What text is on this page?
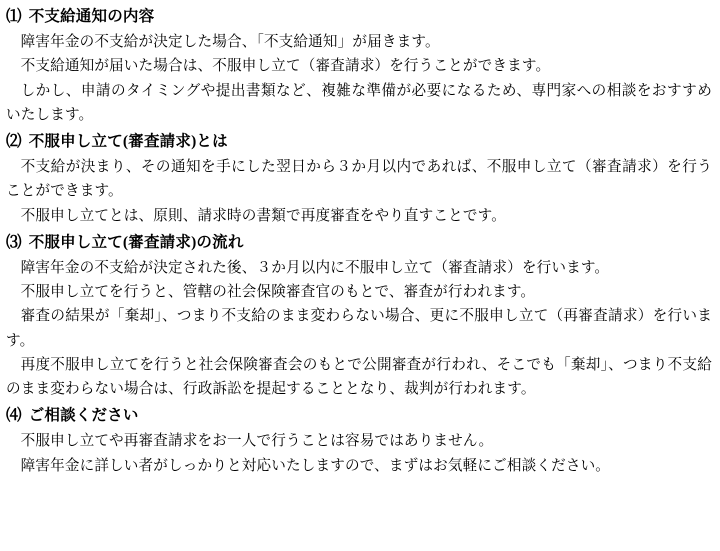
⑴ 不支給通知の内容

障害年金の不支給が決定した場合、「不支給通知」が届きます。

不支給通知が届いた場合は、不服申し立て（審査請求）を行うことができます。

しかし、申請のタイミングや提出書類など、複雑な準備が必要になるため、専門家への相談をおすすめいたします。

⑵ 不服申し立て(審査請求)とは

不支給が決まり、その通知を手にした翌日から３か月以内であれば、不服申し立て（審査請求）を行うことができます。

不服申し立てとは、原則、請求時の書類で再度審査をやり直すことです。

⑶ 不服申し立て(審査請求)の流れ

障害年金の不支給が決定された後、３か月以内に不服申し立て（審査請求）を行います。

不服申し立てを行うと、管轄の社会保険審査官のもとで、審査が行われます。

審査の結果が「棄却」、つまり不支給のまま変わらない場合、更に不服申し立て（再審査請求）を行います。

再度不服申し立てを行うと社会保険審査会のもとで公開審査が行われ、そこでも「棄却」、つまり不支給のまま変わらない場合は、行政訴訟を提起することとなり、裁判が行われます。

⑷ ご相談ください

不服申し立てや再審査請求をお一人で行うことは容易ではありません。

障害年金に詳しい者がしっかりと対応いたしますので、まずはお気軽にご相談ください。
